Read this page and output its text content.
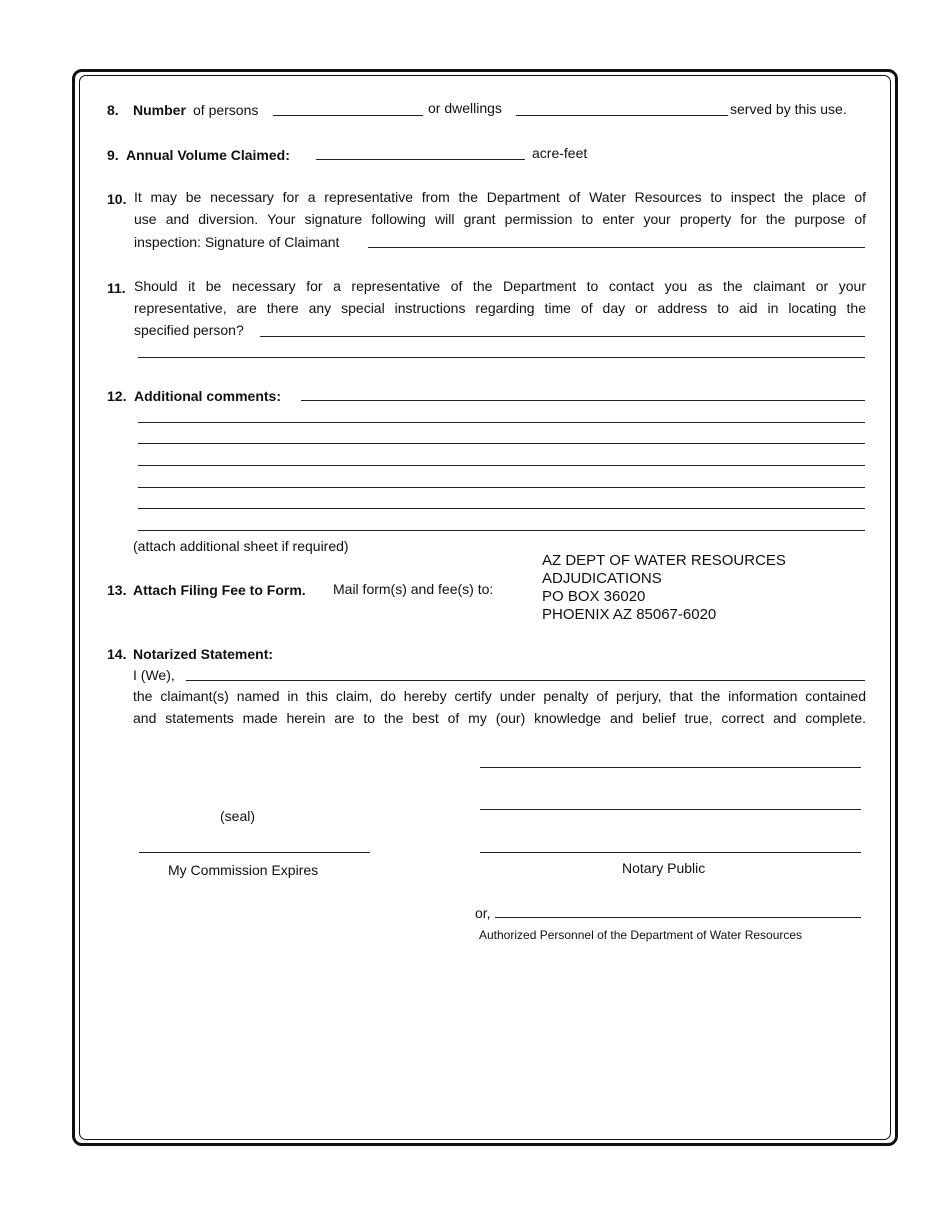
8. Number of persons	or dwellings	served by this use.
9. Annual Volume Claimed:	acre-feet
10. It may be necessary for a representative from the Department of Water Resources to inspect the place of
use and diversion. Your signature following will grant permission to enter your property for the purpose of
inspection: Signature of Claimant
11. Should it be necessary for a representative of the Department to contact you as the claimant or your
representative, are there any special instructions regarding time of day or address to aid in locating the
specified person?
12. Additional comments:
(attach additional sheet if required)
13. Attach Filing Fee to Form. Mail form(s) and fee(s) to:
AZ DEPT OF WATER RESOURCES
ADJUDICATIONS
PO BOX 36020
PHOENIX AZ 85067-6020
14. Notarized Statement:
I (We),
the claimant(s) named in this claim, do hereby certify under penalty of perjury, that the information contained
and statements made herein are to the best of my (our) knowledge and belief true, correct and complete.
(seal)
My Commission Expires	Notary Public
or,
Authorized Personnel of the Department of Water Resources
